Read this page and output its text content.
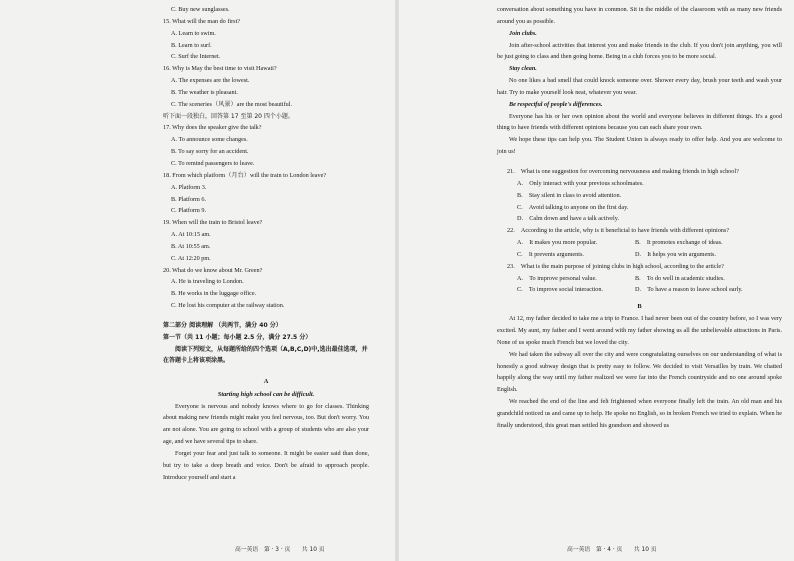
C. Buy new sunglasses.
15. What will the man do first?
A. Learn to swim.
B. Learn to surf.
C. Surf the Internet.
16. Why is May the best time to visit Hawaii?
A. The expenses are the lowest.
B. The weather is pleasant.
C. The sceneries（风景）are the most beautiful.
听下面一段独白，回答第 17 至第 20 四个小题。
17. Why does the speaker give the talk?
A. To announce some changes.
B. To say sorry for an accident.
C. To remind passengers to leave.
18. From which platform（月台）will the train to London leave?
A. Platform 3.
B. Platform 6.
C. Platform 9.
19. When will the train to Bristol leave?
A. At 10:15 am.
B. At 10:55 am.
C. At 12:20 pm.
20. What do we know about Mr. Green?
A. He is traveling to London.
B. He works in the luggage office.
C. He lost his computer at the railway station.
第二部分 阅读理解 （共两节，满分 40 分）
第一节（共 11 小题；每小题 2.5 分，满分 27.5 分）
阅读下列短文，从每题所给的四个选项（A,B,C,D)中,选出最佳选项，并在答题卡上将该项涂黑。
A
Starting high school can be difficult.
Everyone is nervous and nobody knows where to go for classes. Thinking about making new friends might make you feel nervous, too. But don't worry. You are not alone. You are going to school with a group of students who are also your age, and we have several tips to share.
Forget your fear and just talk to someone. It might be easier said than done, but try to take a deep breath and voice. Don't be afraid to approach people. Introduce yourself and start a
高一英语　第 · 3 · 页　　共 10 页
conversation about something you have in common. Sit in the middle of the classroom with as many new friends around you as possible.
Join clubs.
Join after-school activities that interest you and make friends in the club. If you don't join anything, you will be just going to class and then going home. Being in a club forces you to be more social.
Stay clean.
No one likes a bad smell that could knock someone over. Shower every day, brush your teeth and wash your hair. Try to make yourself look neat, whatever you wear.
Be respectful of people's differences.
Everyone has his or her own opinion about the world and everyone believes in different things. It's a good thing to have friends with different opinions because you can each share your own.
We hope these tips can help you. The Student Union is always ready to offer help. And you are welcome to join us!
21.　What is one suggestion for overcoming nervousness and making friends in high school?
A.　Only interact with your previous schoolmates.
B.　Stay silent in class to avoid attention.
C.　Avoid talking to anyone on the first day.
D.　Calm down and have a talk actively.
22.　According to the article, why is it beneficial to have friends with different opinions?
A.　It makes you more popular.	B.　It promotes exchange of ideas.
C.　It prevents arguments.	D.　It helps you win arguments.
23.　What is the main purpose of joining clubs in high school, according to the article?
A.　To improve personal value.	B.　To do well in academic studies.
C.　To improve social interaction.	D.　To have a reason to leave school early.
B
At 12, my father decided to take me a trip to France. I had never been out of the country before, so I was very excited. My aunt, my father and I went around with my father showing us all the unbelievable attractions in Paris. None of us spoke much French but we loved the city.
We had taken the subway all over the city and were congratulating ourselves on our understanding of what is honestly a good subway design that is pretty easy to follow. We decided to visit Versailles by train. We chatted happily along the way until my father realized we were far into the French countryside and no one around spoke English.
We reached the end of the line and felt frightened when everyone finally left the train. An old man and his grandchild noticed us and came up to help. He spoke no English, so in broken French we tried to explain. When he finally understood, this great man settled his grandson and showed us
高一英语　第 · 4 · 页　　共 10 页
